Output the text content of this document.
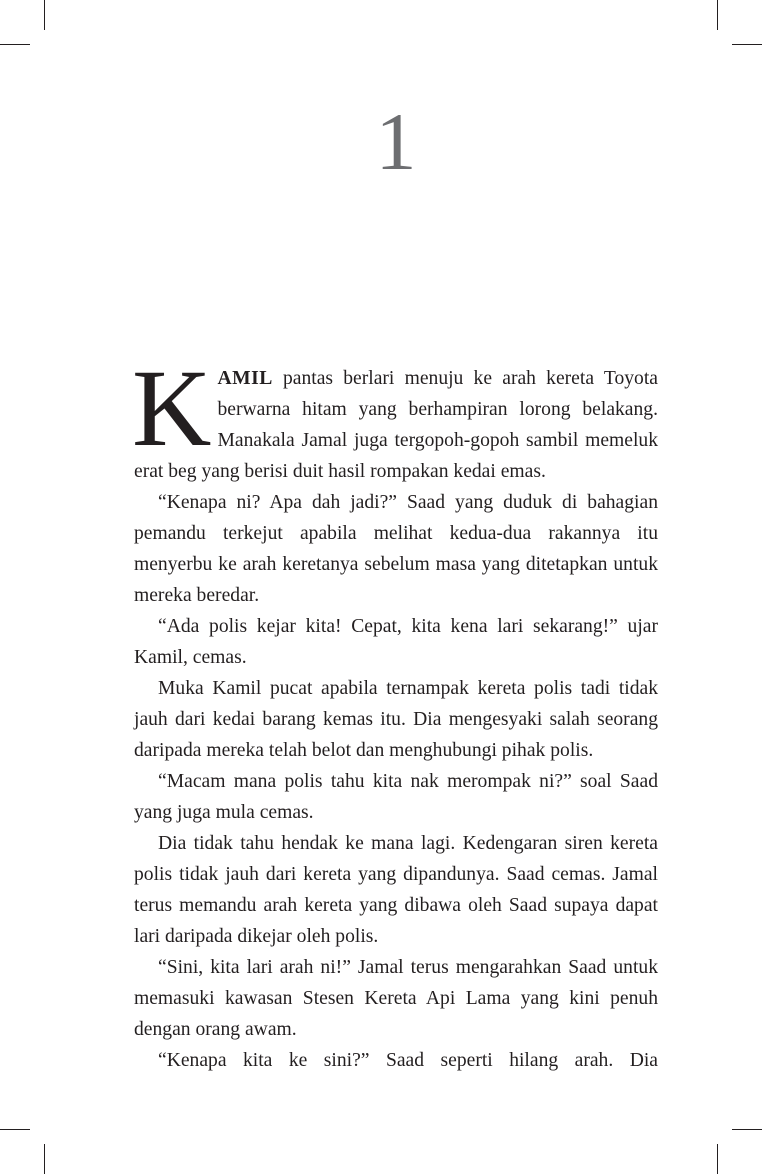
1

KAMIL pantas berlari menuju ke arah kereta Toyota berwarna hitam yang berhampiran lorong belakang. Manakala Jamal juga tergopoh-gopoh sambil memeluk erat beg yang berisi duit hasil rompakan kedai emas.

“Kenapa ni? Apa dah jadi?” Saad yang duduk di bahagian pemandu terkejut apabila melihat kedua-dua rakannya itu menyerbu ke arah keretanya sebelum masa yang ditetapkan untuk mereka beredar.

“Ada polis kejar kita! Cepat, kita kena lari sekarang!” ujar Kamil, cemas.

Muka Kamil pucat apabila ternampak kereta polis tadi tidak jauh dari kedai barang kemas itu. Dia mengesyaki salah seorang daripada mereka telah belot dan menghubungi pihak polis.

“Macam mana polis tahu kita nak merompak ni?” soal Saad yang juga mula cemas.

Dia tidak tahu hendak ke mana lagi. Kedengaran siren kereta polis tidak jauh dari kereta yang dipandunya. Saad cemas. Jamal terus memandu arah kereta yang dibawa oleh Saad supaya dapat lari daripada dikejar oleh polis.

“Sini, kita lari arah ni!” Jamal terus mengarahkan Saad untuk memasuki kawasan Stesen Kereta Api Lama yang kini penuh dengan orang awam.

“Kenapa kita ke sini?” Saad seperti hilang arah. Dia
